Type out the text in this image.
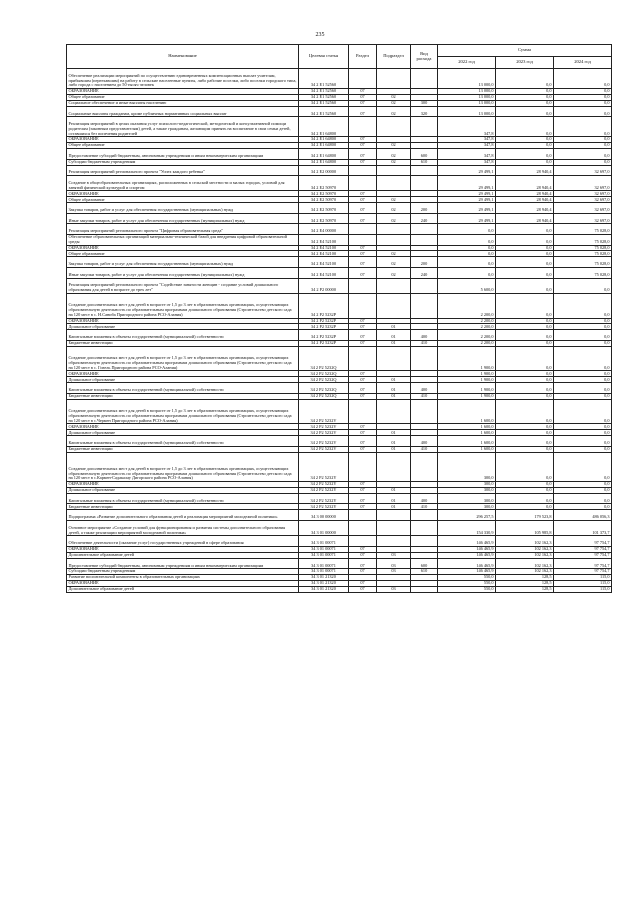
235
Наименование	Целевая статья	Раздел	Подраздел	Вид расхода	Сумма		
					2022 год	2023 год	2024 год
Обеспечение реализации мероприятий по осуществлению единовременных компенсационных выплат учителям, прибывшим (переехавшим) на работу в сельские населенные пункты, либо рабочие поселки, либо поселки городского типа, либо города с населением до 50 тысяч человек	34 2 Е1 52560				13 000,0	0,0	0,0
ОБРАЗОВАНИЕ	34 2 Е1 52560	07			13 000,0	0,0	0,0
Общее образование	34 2 Е1 52560	07	02		13 000,0	0,0	0,0
Социальное обеспечение и иные выплаты населению	34 2 Е1 52560	07	02	300	13 000,0	0,0	0,0
Социальные выплаты гражданам, кроме публичных нормативных социальных выплат	34 2 Е1 52560	07	02	320	13 000,0	0,0	0,0
Реализация мероприятий в целях оказания услуг психолого-педагогической, методической и консультативной помощи родителям (законным представителям) детей, а также гражданам, желающим принять на воспитание в свои семьи детей, оставшихся без попечения родителей	34 2 Е1 64800				347,8	0,0	0,0
ОБРАЗОВАНИЕ	34 2 Е1 64800	07			347,8	0,0	0,0
Общее образование	34 2 Е1 64800	07	02		347,8	0,0	0,0
Предоставление субсидий бюджетным, автономным учреждениям и иным некоммерческим организациям	34 2 Е1 64800	07	02	600	347,8	0,0	0,0
Субсидии бюджетным учреждениям	34 2 Е1 64800	07	02	610	347,8	0,0	0,0
Реализация мероприятий регионального проекта "Успех каждого ребенка"	34 2 Е2 00000				29 499,1	28 940,4	32 697,0
Создание в общеобразовательных организациях, расположенных в сельской местности и малых городах, условий для занятий физической культурой и спортом	34 2 Е2 50970				29 499,1	28 940,4	32 697,0
ОБРАЗОВАНИЕ	34 2 Е2 50970	07			29 499,1	28 940,4	32 697,0
Общее образование	34 2 Е2 50970	07	02		29 499,1	28 940,4	32 697,0
Закупка товаров, работ и услуг для обеспечения государственных (муниципальных) нужд	34 2 Е2 50970	07	02	200	29 499,1	28 940,4	32 697,0
Иные закупки товаров, работ и услуг для обеспечения государственных (муниципальных) нужд	34 2 Е2 50970	07	02	240	29 499,1	28 940,4	32 697,0
Реализация мероприятий регионального проекта "Цифровая образовательная среда"	34 2 Е4 00000				0,0	0,0	75 028,0
Обеспечение образовательных организаций материально-технической базой для внедрения цифровой образовательной среды	34 2 Е4 52100				0,0	0,0	75 028,0
ОБРАЗОВАНИЕ	34 2 Е4 52100	07			0,0	0,0	75 028,0
Общее образование	34 2 Е4 52100	07	02		0,0	0,0	75 028,0
Закупка товаров, работ и услуг для обеспечения государственных (муниципальных) нужд	34 2 Е4 52100	07	02	200	0,0	0,0	75 028,0
Иные закупки товаров, работ и услуг для обеспечения государственных (муниципальных) нужд	34 2 Е4 52100	07	02	240	0,0	0,0	75 028,0
Реализация мероприятий регионального проекта "Содействие занятости женщин - создание условий дошкольного образования для детей в возрасте до трех лет"	34 2 Р2 00000				5 600,0	0,0	0,0
Создание дополнительных мест для детей в возрасте от 1,5 до 3 лет в образовательных организациях, осуществляющих образовательную деятельность по образовательным программам дошкольного образования (Строительство детского сада на 120 мест в с. Н.Саниба Пригородного района РСО-Алания)	34 2 Р2 5232Р				2 200,0	0,0	0,0
ОБРАЗОВАНИЕ	34 2 Р2 5232Р	07			2 200,0	0,0	0,0
Дошкольное образование	34 2 Р2 5232Р	07	01		2 200,0	0,0	0,0
Капитальные вложения в объекты государственной (муниципальной) собственности	34 2 Р2 5232Р	07	01	400	2 200,0	0,0	0,0
Бюджетные инвестиции	34 2 Р2 5232Р	07	01	410	2 200,0	0,0	0,0
Создание дополнительных мест для детей в возрасте от 1,5 до 3 лет в образовательных организациях, осуществляющих образовательную деятельность по образовательным программам дошкольного образования (Строительство детского сада на 120 мест в с. Гизель Пригородного района РСО-Алания)	34 2 Р2 5232Q				1 900,0	0,0	0,0
ОБРАЗОВАНИЕ	34 2 Р2 5232Q	07			1 900,0	0,0	0,0
Дошкольное образование	34 2 Р2 5232Q	07	01		1 900,0	0,0	0,0
Капитальные вложения в объекты государственной (муниципальной) собственности	34 2 Р2 5232Q	07	01	400	1 900,0	0,0	0,0
Бюджетные инвестиции	34 2 Р2 5232Q	07	01	410	1 900,0	0,0	0,0
Создание дополнительных мест для детей в возрасте от 1,5 до 3 лет в образовательных организациях, осуществляющих образовательную деятельность по образовательным программам дошкольного образования (Строительство детского сада на 120 мест в с.Чермен Пригородного района РСО-Алания)	34 2 Р2 5232V				1 600,0	0,0	0,0
ОБРАЗОВАНИЕ	34 2 Р2 5232V	07			1 600,0	0,0	0,0
Дошкольное образование	34 2 Р2 5232V	07	01		1 600,0	0,0	0,0
Капитальные вложения в объекты государственной (муниципальной) собственности	34 2 Р2 5232V	07	01	400	1 600,0	0,0	0,0
Бюджетные инвестиции	34 2 Р2 5232V	07	01	410	1 600,0	0,0	0,0
Создание дополнительных мест для детей в возрасте от 1,5 до 3 лет в образовательных организациях, осуществляющих образовательную деятельность по образовательным программам дошкольного образования (Строительство детского сада на 120 мест в с.Кармен-Садакалау Дигорского района РСО-Алания)	34 2 Р2 5232Y				300,0	0,0	0,0
ОБРАЗОВАНИЕ	34 2 Р2 5232Y	07			300,0	0,0	0,0
Дошкольное образование	34 2 Р2 5232Y	07	01		300,0	0,0	0,0
Капитальные вложения в объекты государственной (муниципальной) собственности	34 2 Р2 5232Y	07	01	400	300,0	0,0	0,0
Бюджетные инвестиции	34 2 Р2 5232Y	07	01	410	300,0	0,0	0,0
Подпрограмма «Развитие дополнительного образования детей и реализация мероприятий молодежной политики»	34 3 00 00000				296 257,5	179 523,8	486 056,3
Основное мероприятие «Создание условий для функционирования и развития системы дополнительного образования детей, а также реализации мероприятий молодежной политики»	34 3 01 00000				154 330,9	105 985,8	101 373,7
Обеспечение деятельности (оказание услуг) государственных учреждений в сфере образования	34 3 01 00071				146 465,9	102 162,3	97 754,7
ОБРАЗОВАНИЕ	34 3 01 00071	07			146 465,9	102 162,3	97 754,7
Дополнительное образование детей	34 3 01 00071	07	03		146 465,9	102 162,3	97 754,7
Предоставление субсидий бюджетным, автономным учреждениям и иным некоммерческим организациям	34 3 01 00071	07	03	600	146 465,9	102 162,3	97 754,7
Субсидии бюджетным учреждениям	34 3 01 00071	07	03	610	146 465,9	102 162,3	97 754,7
Развитие воспитательной компоненты в образовательных организациях	34 3 01 21320				550,0	128,5	115,0
ОБРАЗОВАНИЕ	34 3 01 21320	07			550,0	128,5	115,0
Дополнительное образование детей	34 3 01 21320	07	03		550,0	128,5	115,0
